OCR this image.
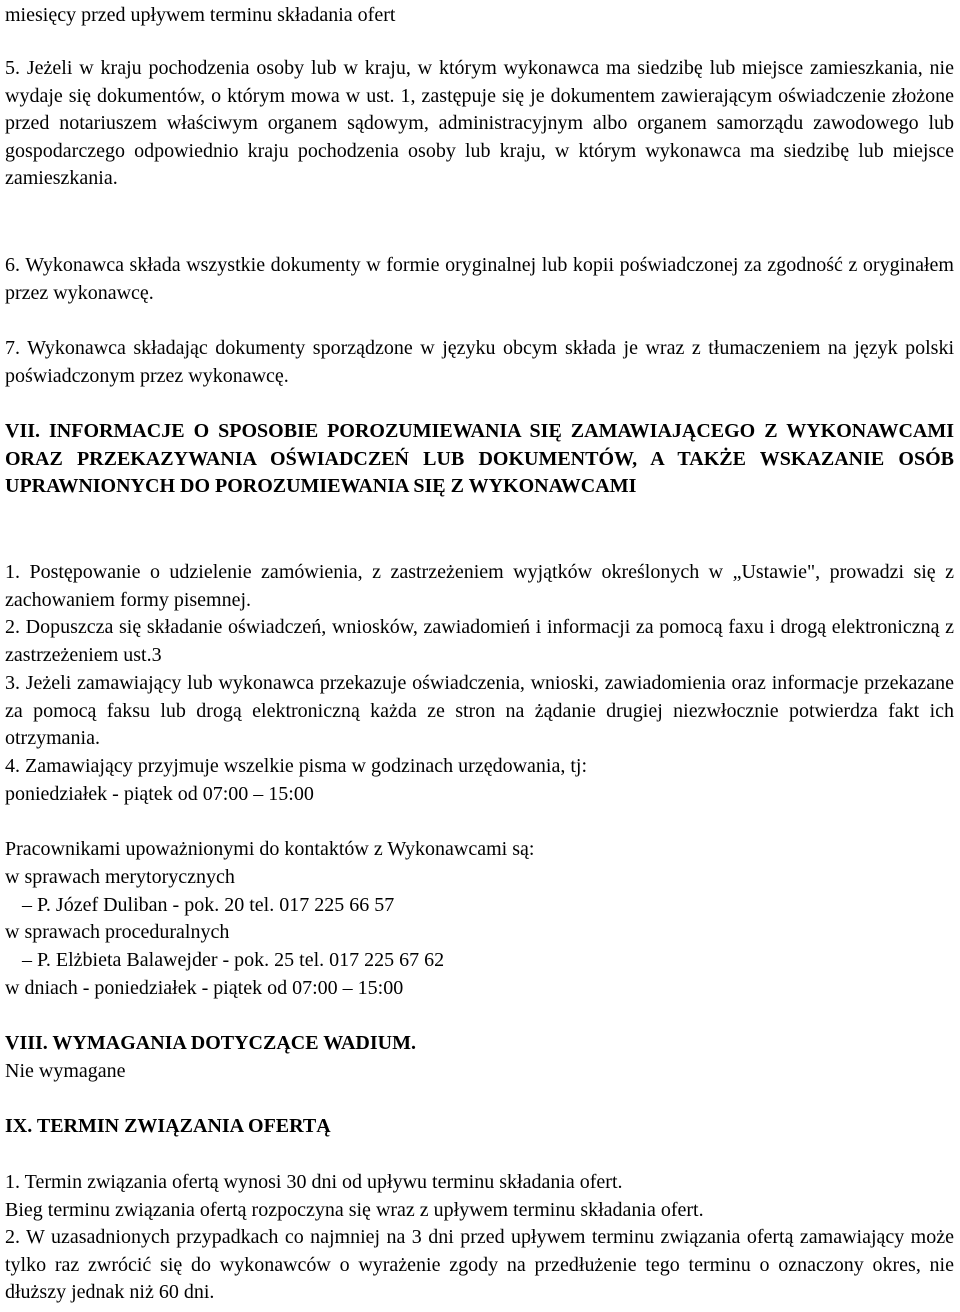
miesięcy przed upływem terminu składania ofert

5. Jeżeli w kraju pochodzenia osoby lub w kraju, w którym wykonawca ma siedzibę lub miejsce zamieszkania, nie wydaje się dokumentów, o którym mowa w ust. 1, zastępuje się je dokumentem zawierającym oświadczenie złożone przed notariuszem właściwym organem sądowym, administracyjnym albo organem samorządu zawodowego lub gospodarczego odpowiednio kraju pochodzenia osoby lub kraju, w którym wykonawca ma siedzibę lub miejsce zamieszkania.

6. Wykonawca składa wszystkie dokumenty w formie oryginalnej lub kopii poświadczonej za zgodność z oryginałem przez wykonawcę.

7. Wykonawca składając dokumenty sporządzone w języku obcym składa je wraz z tłumaczeniem na język polski poświadczonym przez wykonawcę.

VII. INFORMACJE O SPOSOBIE POROZUMIEWANIA SIĘ ZAMAWIAJĄCEGO Z WYKONAWCAMI ORAZ PRZEKAZYWANIA OŚWIADCZEŃ LUB DOKUMENTÓW, A TAKŻE WSKAZANIE OSÓB UPRAWNIONYCH DO POROZUMIEWANIA SIĘ Z WYKONAWCAMI

1. Postępowanie o udzielenie zamówienia, z zastrzeżeniem wyjątków określonych w „Ustawie", prowadzi się z zachowaniem formy pisemnej.

2. Dopuszcza się składanie oświadczeń, wniosków, zawiadomień i informacji za pomocą faxu i drogą elektroniczną z zastrzeżeniem ust.3

3. Jeżeli zamawiający lub wykonawca przekazuje oświadczenia, wnioski, zawiadomienia oraz informacje przekazane za pomocą faksu lub drogą elektroniczną każda ze stron na żądanie drugiej niezwłocznie potwierdza fakt ich otrzymania.

4. Zamawiający przyjmuje wszelkie pisma w godzinach urzędowania, tj:

poniedziałek - piątek od 07:00 – 15:00

Pracownikami upoważnionymi do kontaktów z Wykonawcami są:

w sprawach merytorycznych

– P. Józef Duliban - pok. 20 tel. 017 225 66 57

w sprawach proceduralnych

– P. Elżbieta Balawejder - pok. 25 tel. 017 225 67 62

w dniach - poniedziałek - piątek od 07:00 – 15:00

VIII. WYMAGANIA DOTYCZĄCE WADIUM.

Nie wymagane

IX. TERMIN ZWIĄZANIA OFERTĄ

1. Termin związania ofertą wynosi 30 dni od upływu terminu składania ofert.

Bieg terminu związania ofertą rozpoczyna się wraz z upływem terminu składania ofert.

2. W uzasadnionych przypadkach co najmniej na 3 dni przed upływem terminu związania ofertą zamawiający może tylko raz zwrócić się do wykonawców o wyrażenie zgody na przedłużenie tego terminu o oznaczony okres, nie dłuższy jednak niż 60 dni.
